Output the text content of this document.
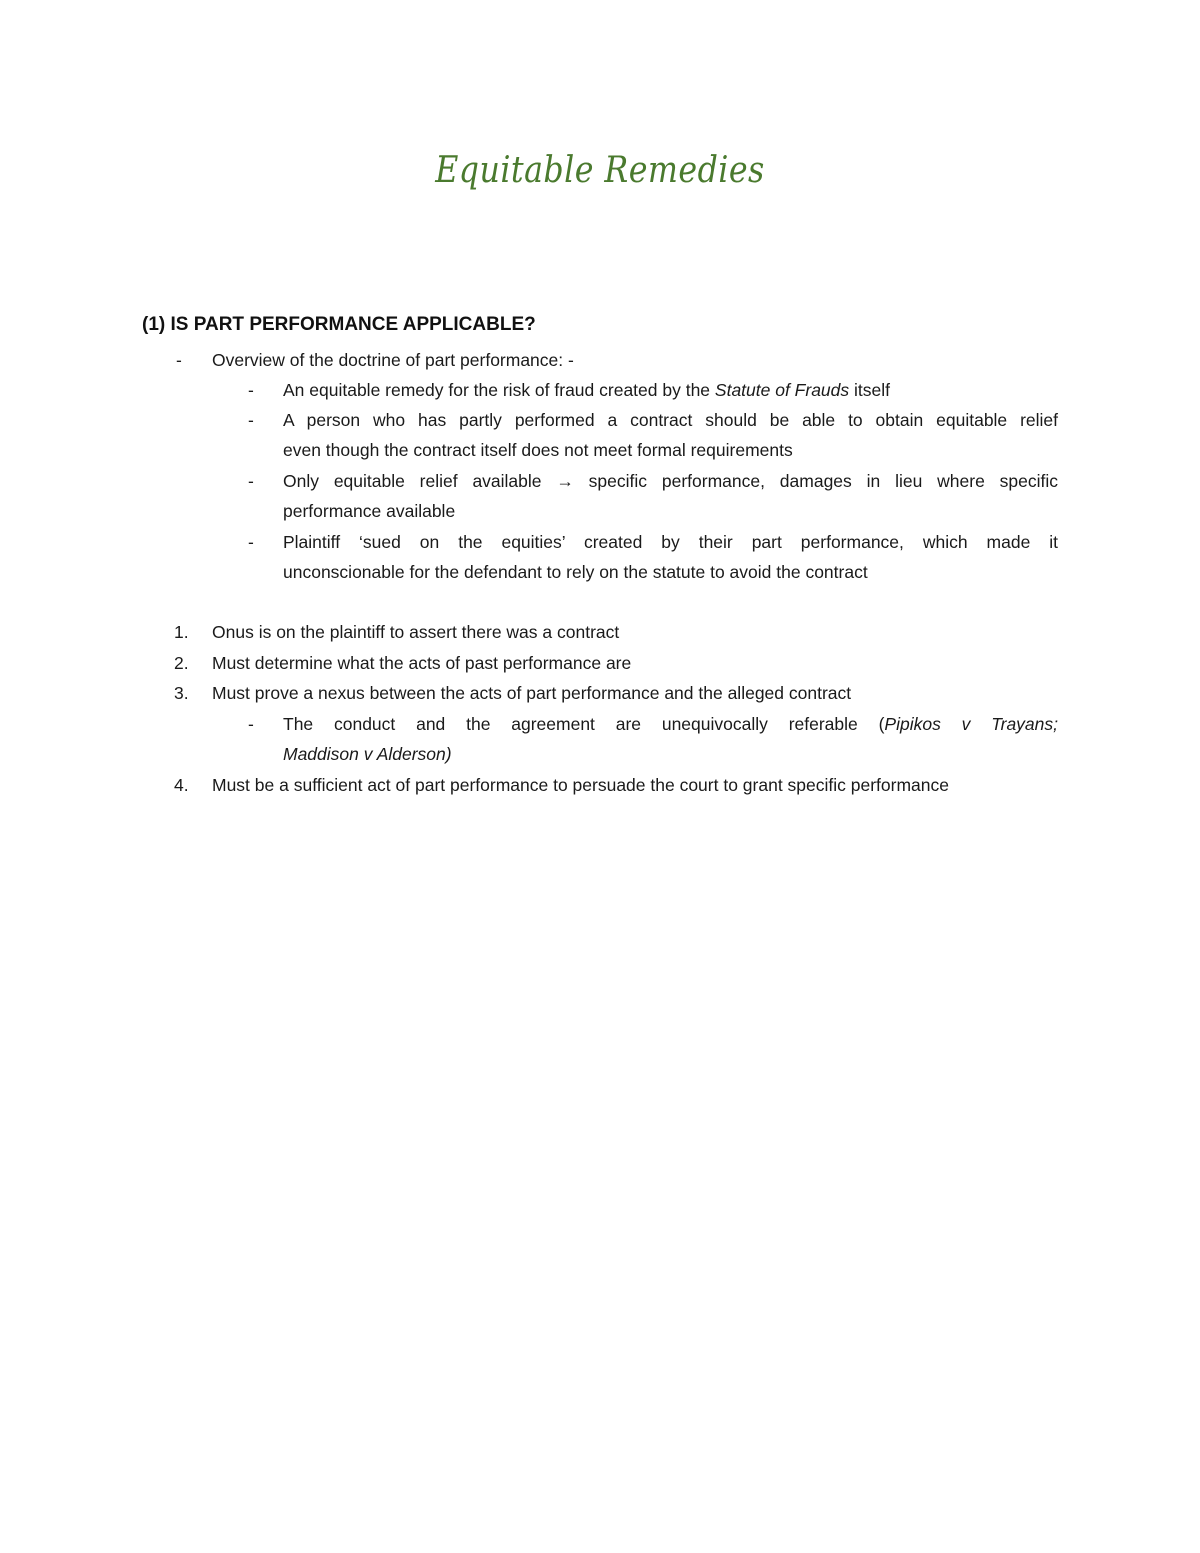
Equitable Remedies
(1) IS PART PERFORMANCE APPLICABLE?
- Overview of the doctrine of part performance: -
- An equitable remedy for the risk of fraud created by the Statute of Frauds itself
- A person who has partly performed a contract should be able to obtain equitable relief
even though the contract itself does not meet formal requirements
- Only equitable relief available → specific performance, damages in lieu where specific
performance available
- Plaintiff ‘sued on the equities’ created by their part performance, which made it
unconscionable for the defendant to rely on the statute to avoid the contract
1. Onus is on the plaintiff to assert there was a contract
2. Must determine what the acts of past performance are
3. Must prove a nexus between the acts of part performance and the alleged contract
- The conduct and the agreement are unequivocally referable (Pipikos v Trayans;
Maddison v Alderson)
4. Must be a sufficient act of part performance to persuade the court to grant specific performance
